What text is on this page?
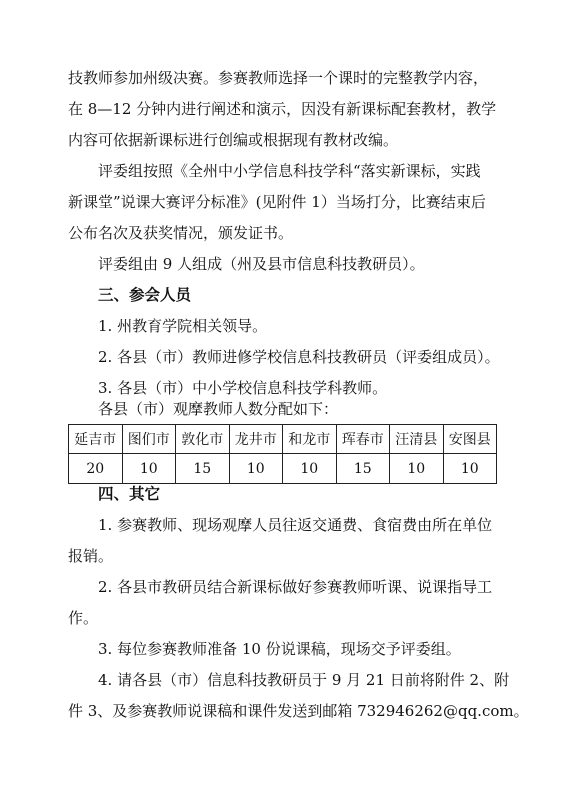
技教师参加州级决赛。参赛教师选择一个课时的完整教学内容，
在 8—12 分钟内进行阐述和演示，因没有新课标配套教材，教学
内容可依据新课标进行创编或根据现有教材改编。
评委组按照《全州中小学信息科技学科“落实新课标，实践
新课堂”说课大赛评分标准》(见附件 1）当场打分，比赛结束后
公布名次及获奖情况，颁发证书。
评委组由 9 人组成（州及县市信息科技教研员）。
三、参会人员
1. 州教育学院相关领导。
2. 各县（市）教师进修学校信息科技教研员（评委组成员）。
3. 各县（市）中小学校信息科技学科教师。
各县（市）观摩教师人数分配如下：
延吉市	图们市	敦化市	龙井市	和龙市	珲春市	汪清县	安图县
20	10	15	10	10	15	10	10
四、其它
1. 参赛教师、现场观摩人员往返交通费、食宿费由所在单位
报销。
2. 各县市教研员结合新课标做好参赛教师听课、说课指导工
作。
3. 每位参赛教师准备 10 份说课稿，现场交予评委组。
4. 请各县（市）信息科技教研员于 9 月 21 日前将附件 2、附
件 3、及参赛教师说课稿和课件发送到邮箱 732946262@qq.com。
